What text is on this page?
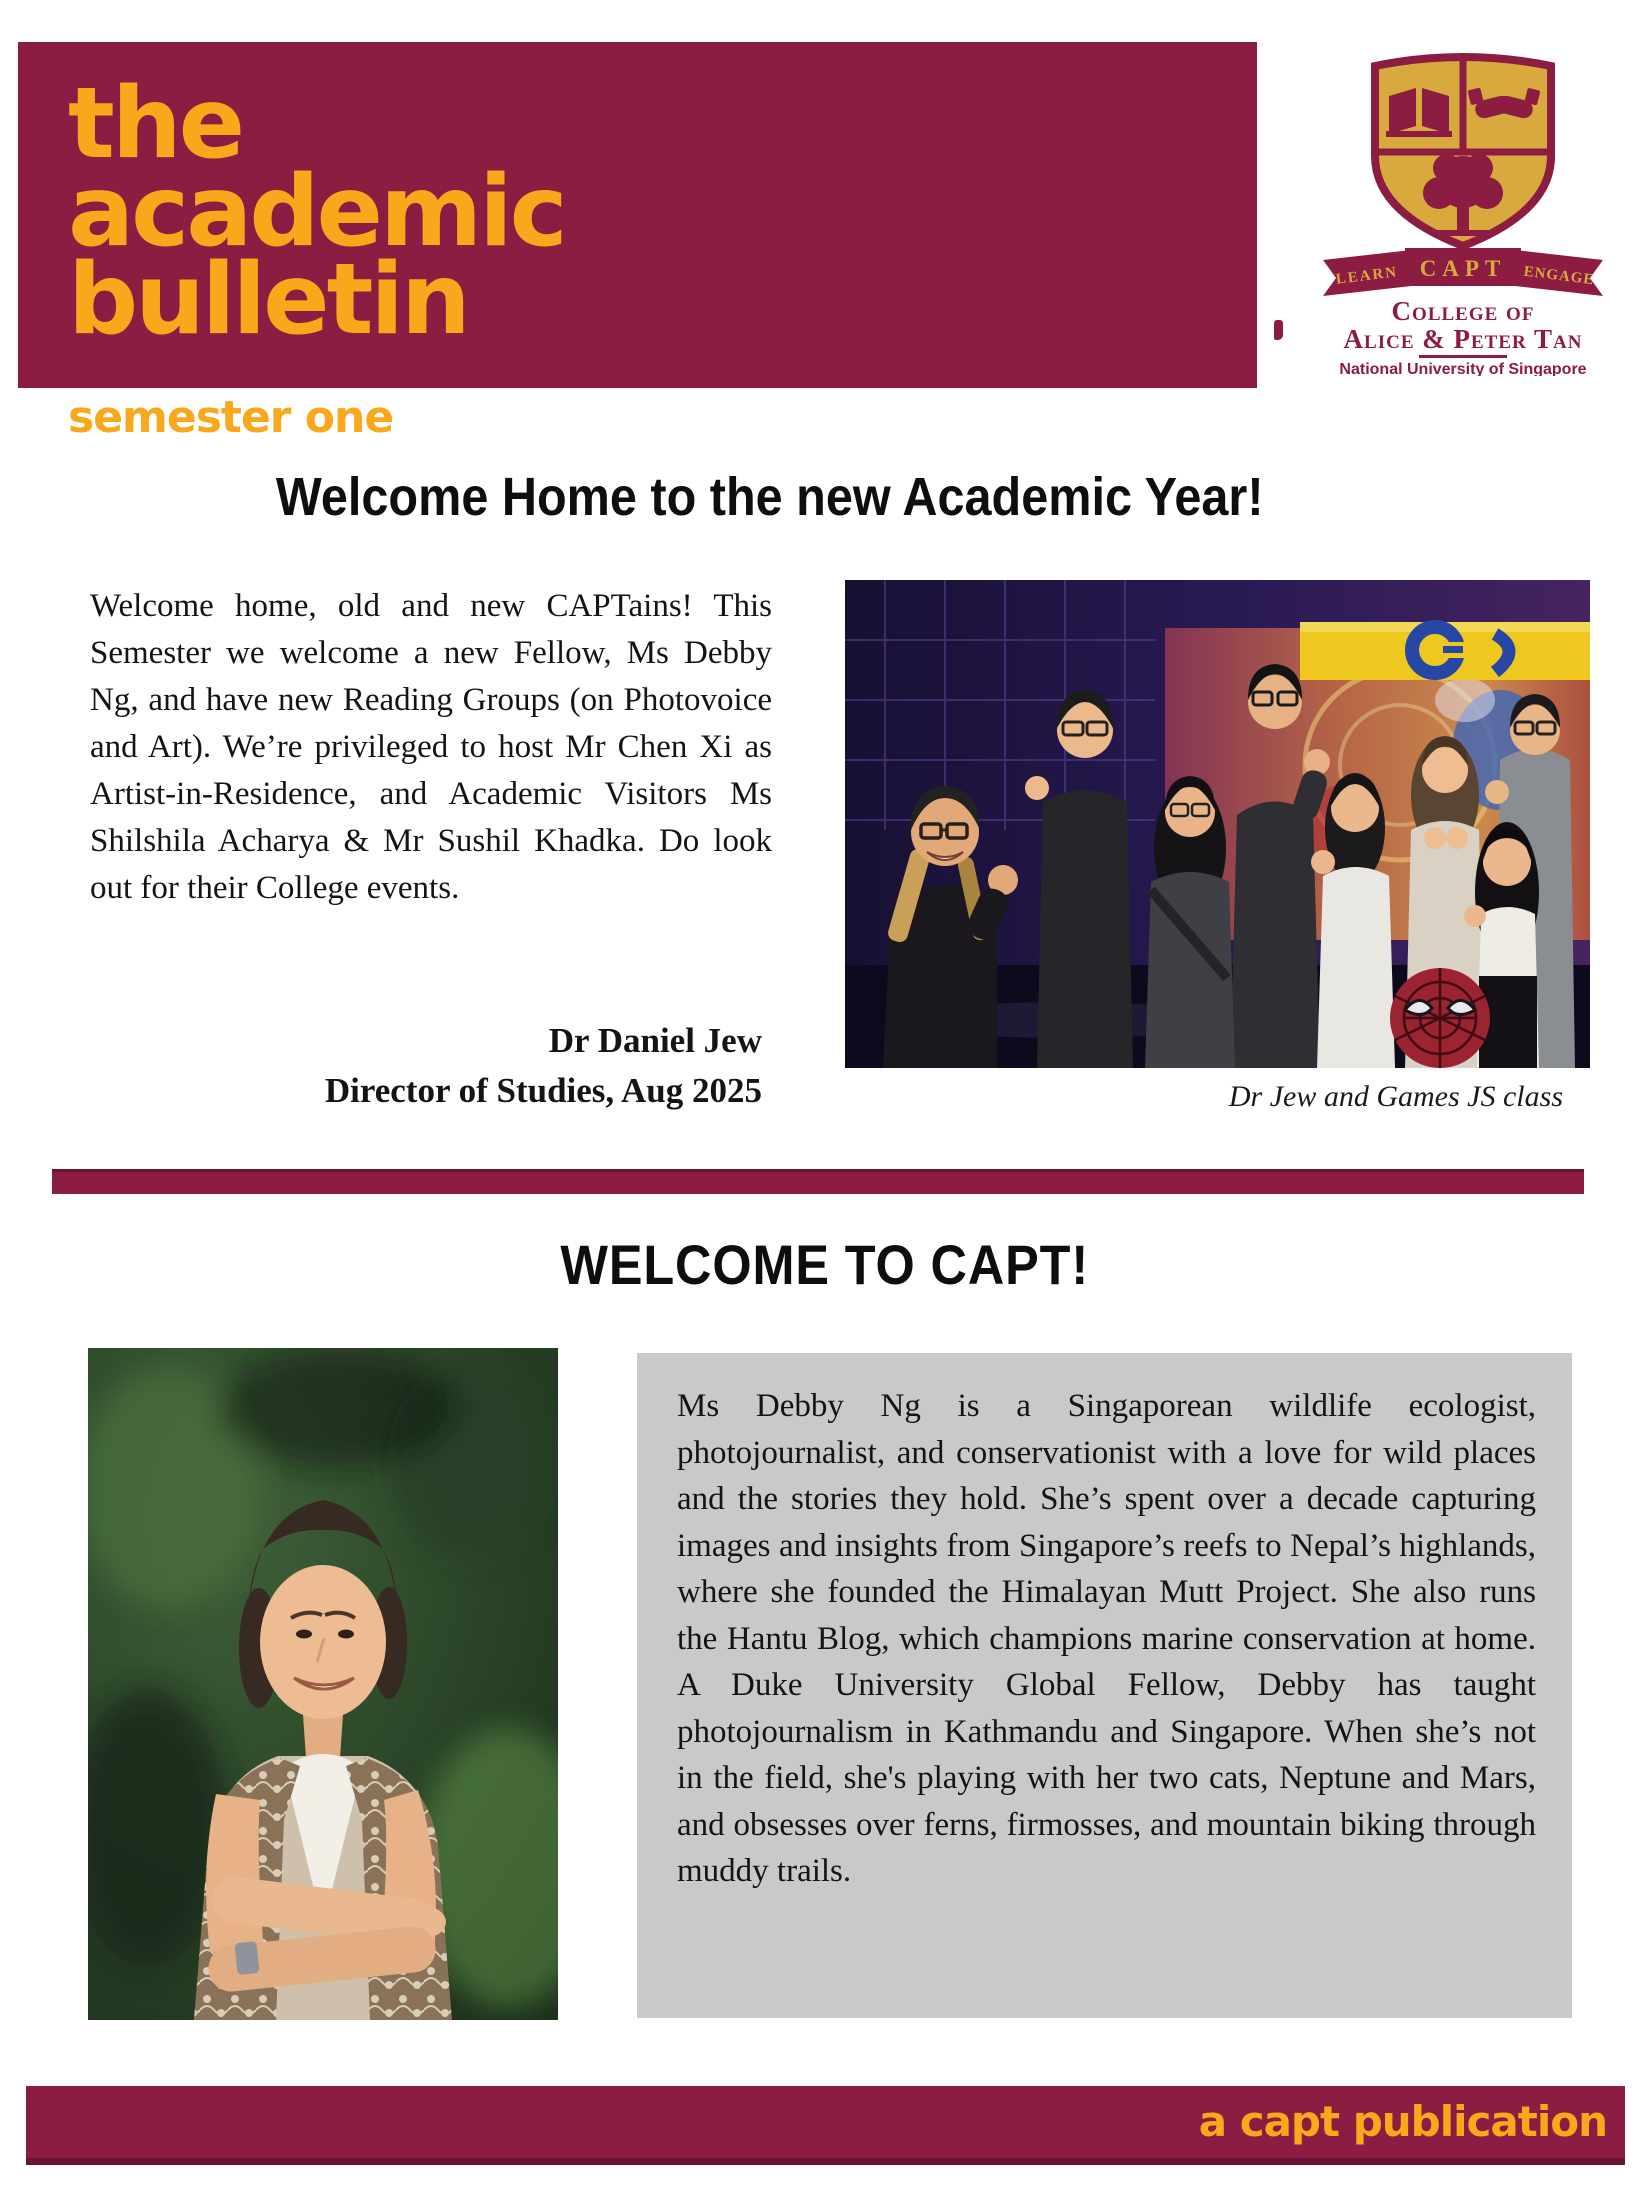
the
academic
bulletin
semester one
LEARN CAPT ENGAGE
College of
Alice & Peter Tan
National University of Singapore
Welcome Home to the new Academic Year!

Welcome home, old and new CAPTains! This Semester we welcome a new Fellow, Ms Debby Ng, and have new Reading Groups (on Photovoice and Art). We’re privileged to host Mr Chen Xi as Artist-in-Residence, and Academic Visitors Ms Shilshila Acharya & Mr Sushil Khadka. Do look out for their College events.

Dr Daniel Jew
Director of Studies, Aug 2025	Dr Jew and Games JS class
WELCOME TO CAPT!

Ms Debby Ng is a Singaporean wildlife ecologist, photojournalist, and conservationist with a love for wild places and the stories they hold. She’s spent over a decade capturing images and insights from Singapore’s reefs to Nepal’s highlands, where she founded the Himalayan Mutt Project. She also runs the Hantu Blog, which champions marine conservation at home. A Duke University Global Fellow, Debby has taught photojournalism in Kathmandu and Singapore. When she’s not in the field, she's playing with her two cats, Neptune and Mars, and obsesses over ferns, firmosses, and mountain biking through muddy trails.

a capt publication
